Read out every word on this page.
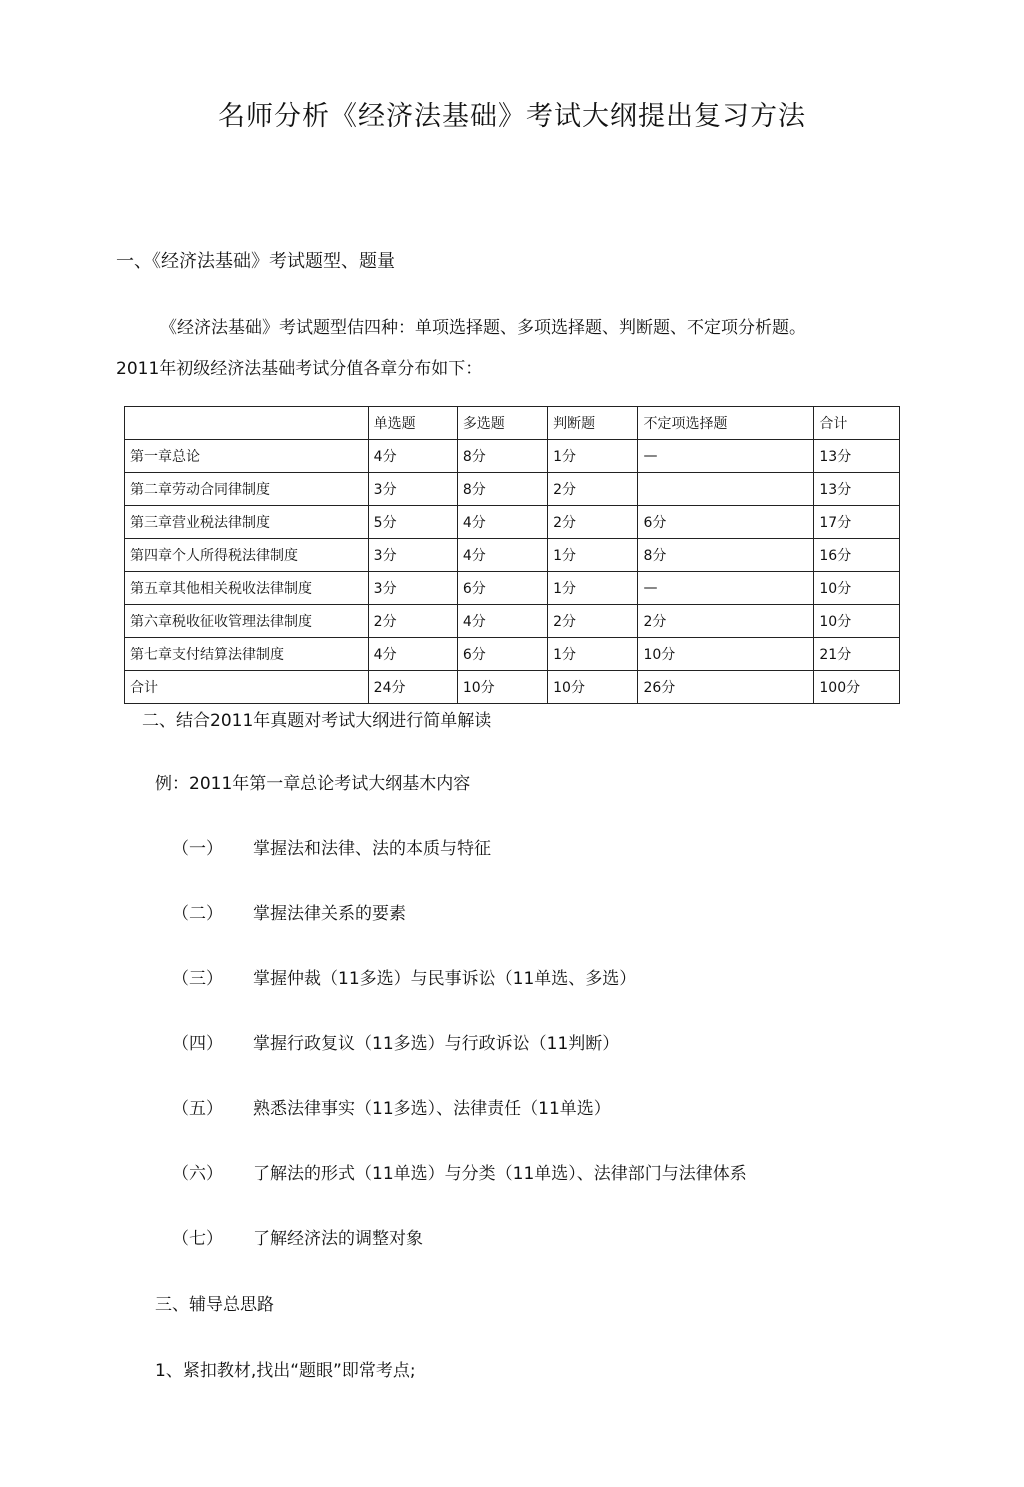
名师分析《经济法基础》考试大纲提出复习方法
一、《经济法基础》考试题型、题量
《经济法基础》考试题型佶四种：单项选择题、多项选择题、判断题、不定项分析题。
2011年初级经济法基础考试分值各章分布如下：
	单选题	多选题	判断题	不定项选择题	合计
第一章总论	4分	8分	1分	—	13分
第二章劳动合同律制度	3分	8分	2分		13分
第三章营业税法律制度	5分	4分	2分	6分	17分
第四章个人所得税法律制度	3分	4分	1分	8分	16分
第五章其他相关税收法律制度	3分	6分	1分	—	10分
第六章税收征收管理法律制度	2分	4分	2分	2分	10分
第七章支付结算法律制度	4分	6分	1分	10分	21分
合计	24分	10分	10分	26分	100分
二、结合2011年真题对考试大纲进行简单解读
例：2011年第一章总论考试大纲基木内容
（一） 掌握法和法律、法的本质与特征
（二） 掌握法律关系的要素
（三） 掌握仲裁（11多选）与民事诉讼（11单选、多选）
（四） 掌握行政复议（11多选）与行政诉讼（11判断）
（五） 熟悉法律事实（11多选）、法律责任（11单选）
（六） 了解法的形式（11单选）与分类（11单选）、法律部门与法律体系
（七） 了解经济法的调整对象
三、辅导总思路
1、紧扣教材,找出“题眼”即常考点;
